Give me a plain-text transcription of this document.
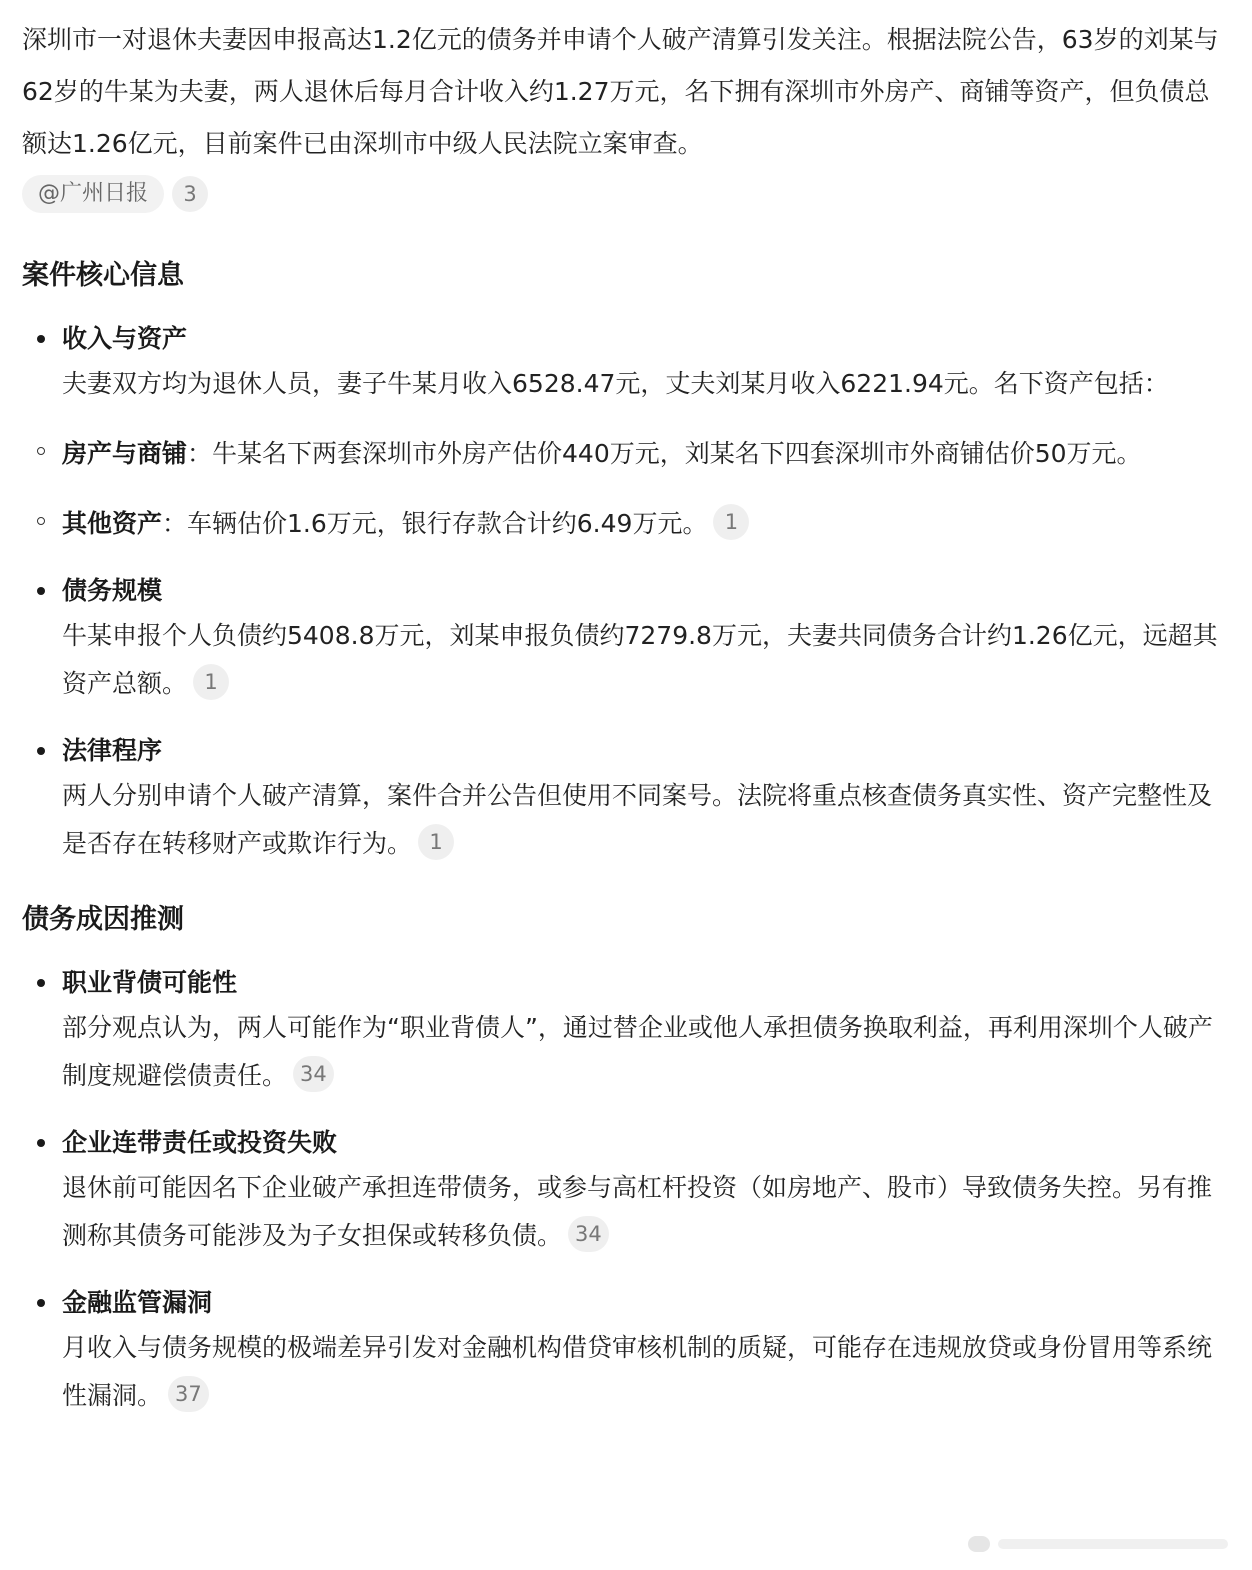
深圳市一对退休夫妻因申报高达1.2亿元的债务并申请个人破产清算引发关注。根据法院公告，63岁的刘某与62岁的牛某为夫妻，两人退休后每月合计收入约1.27万元，名下拥有深圳市外房产、商铺等资产，但负债总额达1.26亿元，目前案件已由深圳市中级人民法院立案审查。

@广州日报	3
案件核心信息
收入与资产
夫妻双方均为退休人员，妻子牛某月收入6528.47元，丈夫刘某月收入6221.94元。名下资产包括：
房产与商铺：牛某名下两套深圳市外房产估价440万元，刘某名下四套深圳市外商铺估价50万元。
其他资产：车辆估价1.6万元，银行存款合计约6.49万元。 1
债务规模
牛某申报个人负债约5408.8万元，刘某申报负债约7279.8万元，夫妻共同债务合计约1.26亿元，远超其资产总额。 1
法律程序
两人分别申请个人破产清算，案件合并公告但使用不同案号。法院将重点核查债务真实性、资产完整性及是否存在转移财产或欺诈行为。 1
债务成因推测
职业背债可能性
部分观点认为，两人可能作为“职业背债人”，通过替企业或他人承担债务换取利益，再利用深圳个人破产制度规避偿债责任。 34
企业连带责任或投资失败
退休前可能因名下企业破产承担连带债务，或参与高杠杆投资（如房地产、股市）导致债务失控。另有推测称其债务可能涉及为子女担保或转移负债。 34
金融监管漏洞
月收入与债务规模的极端差异引发对金融机构借贷审核机制的质疑，可能存在违规放贷或身份冒用等系统性漏洞。 37
